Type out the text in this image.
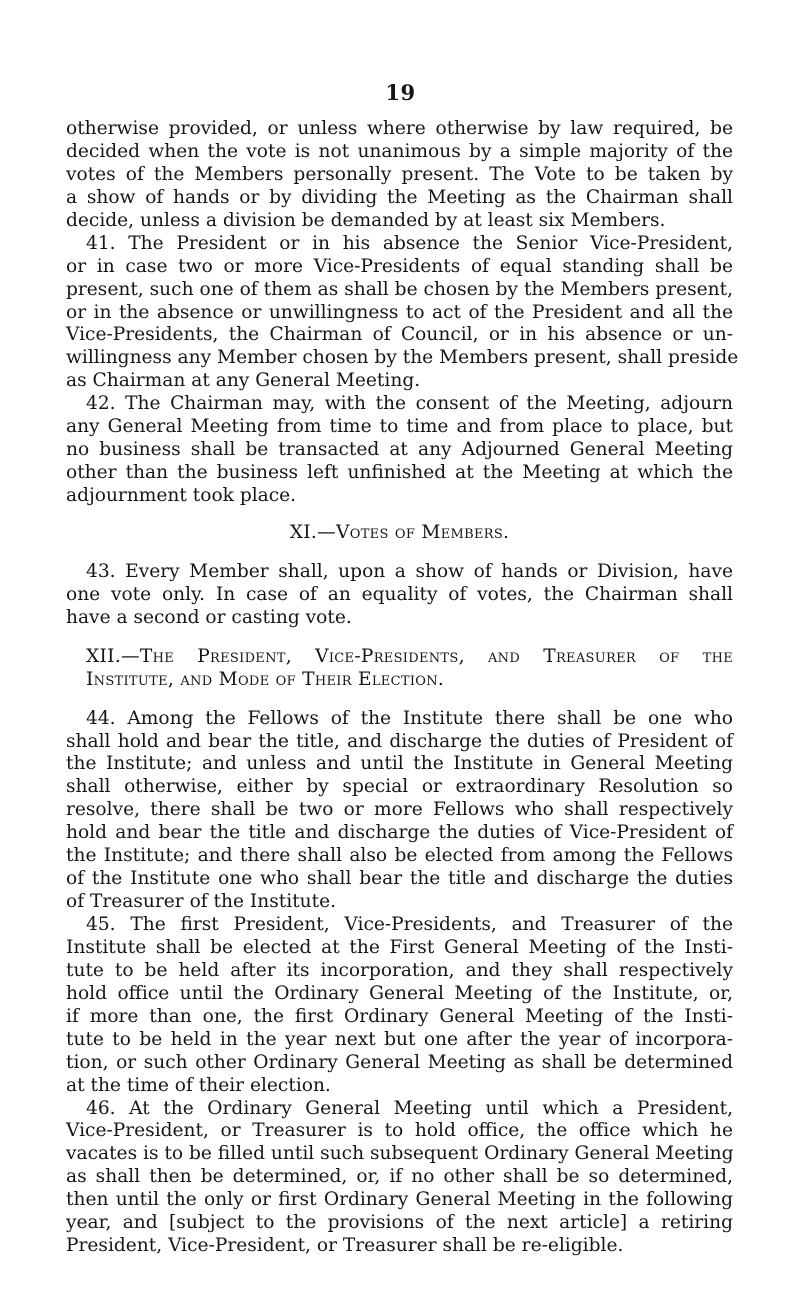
19
otherwise provided, or unless where otherwise by law required, be
decided when the vote is not unanimous by a simple majority of the
votes of the Members personally present. The Vote to be taken by
a show of hands or by dividing the Meeting as the Chairman shall
decide, unless a division be demanded by at least six Members.
41. The President or in his absence the Senior Vice-President,
or in case two or more Vice-Presidents of equal standing shall be
present, such one of them as shall be chosen by the Members present,
or in the absence or unwillingness to act of the President and all the
Vice-Presidents, the Chairman of Council, or in his absence or un-
willingness any Member chosen by the Members present, shall preside
as Chairman at any General Meeting.
42. The Chairman may, with the consent of the Meeting, adjourn
any General Meeting from time to time and from place to place, but
no business shall be transacted at any Adjourned General Meeting
other than the business left unfinished at the Meeting at which the
adjournment took place.
XI.—Votes of Members.
43. Every Member shall, upon a show of hands or Division, have
one vote only. In case of an equality of votes, the Chairman shall
have a second or casting vote.
XII.—The President, Vice-Presidents, and Treasurer of the
Institute, and Mode of Their Election.
44. Among the Fellows of the Institute there shall be one who
shall hold and bear the title, and discharge the duties of President of
the Institute; and unless and until the Institute in General Meeting
shall otherwise, either by special or extraordinary Resolution so
resolve, there shall be two or more Fellows who shall respectively
hold and bear the title and discharge the duties of Vice-President of
the Institute; and there shall also be elected from among the Fellows
of the Institute one who shall bear the title and discharge the duties
of Treasurer of the Institute.
45. The first President, Vice-Presidents, and Treasurer of the
Institute shall be elected at the First General Meeting of the Insti-
tute to be held after its incorporation, and they shall respectively
hold office until the Ordinary General Meeting of the Institute, or,
if more than one, the first Ordinary General Meeting of the Insti-
tute to be held in the year next but one after the year of incorpora-
tion, or such other Ordinary General Meeting as shall be determined
at the time of their election.
46. At the Ordinary General Meeting until which a President,
Vice-President, or Treasurer is to hold office, the office which he
vacates is to be filled until such subsequent Ordinary General Meeting
as shall then be determined, or, if no other shall be so determined,
then until the only or first Ordinary General Meeting in the following
year, and [subject to the provisions of the next article] a retiring
President, Vice-President, or Treasurer shall be re-eligible.
